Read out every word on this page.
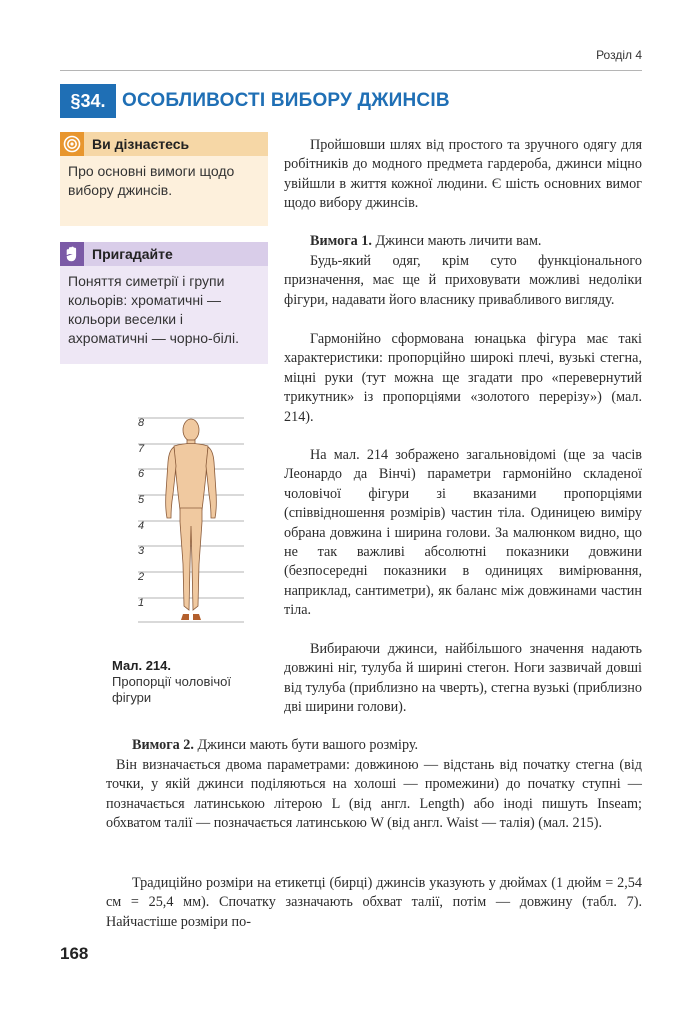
Розділ 4
§34. ОСОБЛИВОСТІ ВИБОРУ ДЖИНСІВ
Ви дізнаєтесь
Про основні вимоги щодо вибору джинсів.
Пригадайте
Поняття симетрії і групи кольорів: хроматичні — кольори веселки і ахроматичні — чорно-білі.
8
7
6
5
4
3
2
1
Мал. 214.
Пропорції чоловічої фігури

Пройшовши шлях від простого та зручного одягу для робітників до модного предмета гардероба, джинси міцно увійшли в життя кожної людини. Є шість основних вимог щодо вибору джинсів.

Вимога 1. Джинси мають личити вам.

Будь-який одяг, крім суто функціонального призначення, має ще й приховувати можливі недоліки фігури, надавати його власнику привабливого вигляду.

Гармонійно сформована юнацька фігура має такі характеристики: пропорційно широкі плечі, вузькі стегна, міцні руки (тут можна ще згадати про «перевернутий трикутник» із пропорціями «золотого перерізу») (мал. 214).

На мал. 214 зображено загальновідомі (ще за часів Леонардо да Вінчі) параметри гармонійно складеної чоловічої фігури зі вказаними пропорціями (співвідношення розмірів) частин тіла. Одиницею виміру обрана довжина і ширина голови. За малюнком видно, що не так важливі абсолютні показники довжини (безпосередні показники в одиницях вимірювання, наприклад, сантиметри), як баланс між довжинами частин тіла.

Вибираючи джинси, найбільшого значення надають довжині ніг, тулуба й ширині стегон. Ноги зазвичай довші від тулуба (приблизно на чверть), стегна вузькі (приблизно дві ширини голови).

Вимога 2. Джинси мають бути вашого розміру.

Він визначається двома параметрами: довжиною — відстань від початку стегна (від точки, у якій джинси поділяються на холоші — промежини) до початку ступні — позначається латинською літерою L (від англ. Length) або іноді пишуть Inseam; обхватом талії — позначається латинською W (від англ. Waist — талія) (мал. 215).

Традиційно розміри на етикетці (бирці) джинсів указують у дюймах (1 дюйм = 2,54 см = 25,4 мм). Спочатку зазначають обхват талії, потім — довжину (табл. 7). Найчастіше розміри по-

168
